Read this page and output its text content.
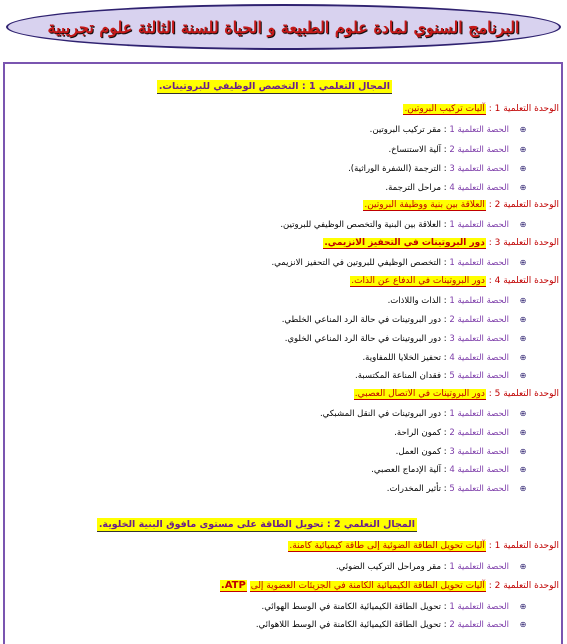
البرنامج السنوي لمادة علوم الطبيعة و الحياة للسنة الثالثة علوم تجريبية
المجال التعلمي 1 : التخصص الوظيفي للبروتينات.
الوحدة التعلمية 1 : آليات تركيب البروتين.
⊕
الحصة التعلمية 1 : مقر تركيب البروتين.
⊕
الحصة التعلمية 2 : آلية الاستنساخ.
⊕
الحصة التعلمية 3 : الترجمة (الشفرة الوراثية).
⊕
الحصة التعلمية 4 : مراحل الترجمة.
الوحدة التعلمية 2 : العلاقة بين بنية ووظيفة البروتين.
⊕
الحصة التعلمية 1 : العلاقة بين البنية والتخصص الوظيفي للبروتين.
الوحدة التعلمية 3 : دور البروتينات في التحفيز الانزيمي.
⊕
الحصة التعلمية 1 : التخصص الوظيفي للبروتين في التحفيز الانزيمي.
الوحدة التعلمية 4 : دور البروتينات في الدفاع عن الذات.
⊕
الحصة التعلمية 1 : الذات واللاذات.
⊕
الحصة التعلمية 2 : دور البروتينات في حالة الرد المناعي الخلطي.
⊕
الحصة التعلمية 3 : دور البروتينات في حالة الرد المناعي الخلوي.
⊕
الحصة التعلمية 4 : تحفيز الخلايا اللمفاوية.
⊕
الحصة التعلمية 5 : فقدان المناعة المكتسبة.
الوحدة التعلمية 5 : دور البروتينات في الاتصال العصبي.
⊕
الحصة التعلمية 1 : دور البروتينات في النقل المشبكي.
⊕
الحصة التعلمية 2 : كمون الراحة.
⊕
الحصة التعلمية 3 : كمون العمل.
⊕
الحصة التعلمية 4 : آلية الإدماج العصبي.
⊕
الحصة التعلمية 5 : تأثير المخدرات.
المجال التعلمي 2 : تحويل الطاقة على مستوى مافوق البنية الخلوية.
الوحدة التعلمية 1 : آليات تحويل الطاقة الضوئية إلى طاقة كيميائية كامنة.
⊕
الحصة التعلمية 1 : مقر ومراحل التركيب الضوئي.
الوحدة التعلمية 2 : آليات تحويل الطاقة الكيميائية الكامنة في الجزيئات العضوية إلى ATP.
⊕
الحصة التعلمية 1 : تحويل الطاقة الكيميائية الكامنة في الوسط الهوائي.
⊕
الحصة التعلمية 2 : تحويل الطاقة الكيميائية الكامنة في الوسط اللاهوائي.
